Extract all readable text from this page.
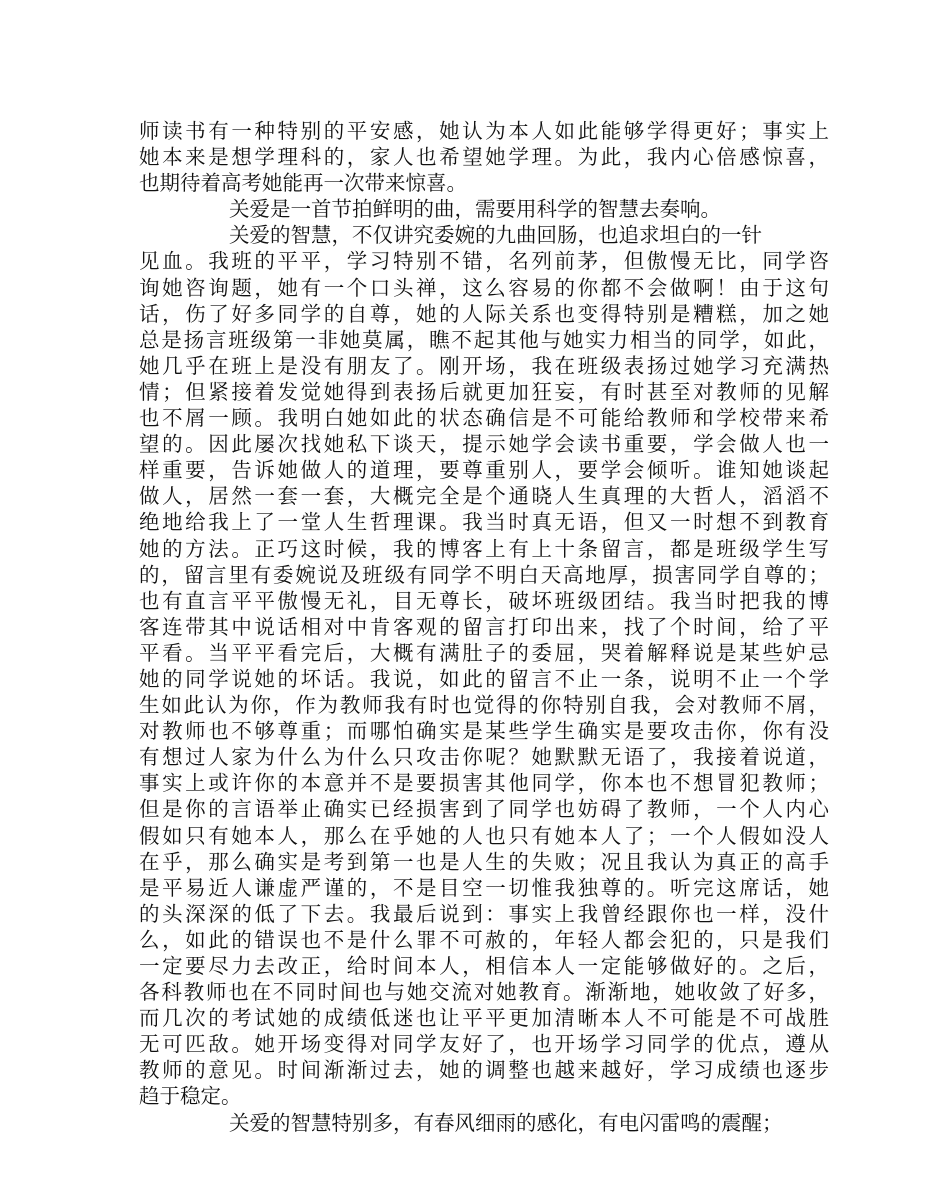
师读书有一种特别的平安感，她认为本人如此能够学得更好；事实上
她本来是想学理科的，家人也希望她学理。为此，我内心倍感惊喜，
也期待着高考她能再一次带来惊喜。
关爱是一首节拍鲜明的曲，需要用科学的智慧去奏响。
关爱的智慧，不仅讲究委婉的九曲回肠，也追求坦白的一针
见血。我班的平平，学习特别不错，名列前茅，但傲慢无比，同学咨
询她咨询题，她有一个口头禅，这么容易的你都不会做啊！由于这句
话，伤了好多同学的自尊，她的人际关系也变得特别是糟糕，加之她
总是扬言班级第一非她莫属，瞧不起其他与她实力相当的同学，如此，
她几乎在班上是没有朋友了。刚开场，我在班级表扬过她学习充满热
情；但紧接着发觉她得到表扬后就更加狂妄，有时甚至对教师的见解
也不屑一顾。我明白她如此的状态确信是不可能给教师和学校带来希
望的。因此屡次找她私下谈天，提示她学会读书重要，学会做人也一
样重要，告诉她做人的道理，要尊重别人，要学会倾听。谁知她谈起
做人，居然一套一套，大概完全是个通晓人生真理的大哲人，滔滔不
绝地给我上了一堂人生哲理课。我当时真无语，但又一时想不到教育
她的方法。正巧这时候，我的博客上有上十条留言，都是班级学生写
的，留言里有委婉说及班级有同学不明白天高地厚，损害同学自尊的；
也有直言平平傲慢无礼，目无尊长，破坏班级团结。我当时把我的博
客连带其中说话相对中肯客观的留言打印出来，找了个时间，给了平
平看。当平平看完后，大概有满肚子的委屈，哭着解释说是某些妒忌
她的同学说她的坏话。我说，如此的留言不止一条，说明不止一个学
生如此认为你，作为教师我有时也觉得的你特别自我，会对教师不屑，
对教师也不够尊重；而哪怕确实是某些学生确实是要攻击你，你有没
有想过人家为什么为什么只攻击你呢？她默默无语了，我接着说道，
事实上或许你的本意并不是要损害其他同学，你本也不想冒犯教师；
但是你的言语举止确实已经损害到了同学也妨碍了教师，一个人内心
假如只有她本人，那么在乎她的人也只有她本人了；一个人假如没人
在乎，那么确实是考到第一也是人生的失败；况且我认为真正的高手
是平易近人谦虚严谨的，不是目空一切惟我独尊的。听完这席话，她
的头深深的低了下去。我最后说到：事实上我曾经跟你也一样，没什
么，如此的错误也不是什么罪不可赦的，年轻人都会犯的，只是我们
一定要尽力去改正，给时间本人，相信本人一定能够做好的。之后，
各科教师也在不同时间也与她交流对她教育。渐渐地，她收敛了好多，
而几次的考试她的成绩低迷也让平平更加清晰本人不可能是不可战胜
无可匹敌。她开场变得对同学友好了，也开场学习同学的优点，遵从
教师的意见。时间渐渐过去，她的调整也越来越好，学习成绩也逐步
趋于稳定。
关爱的智慧特别多，有春风细雨的感化，有电闪雷鸣的震醒；
